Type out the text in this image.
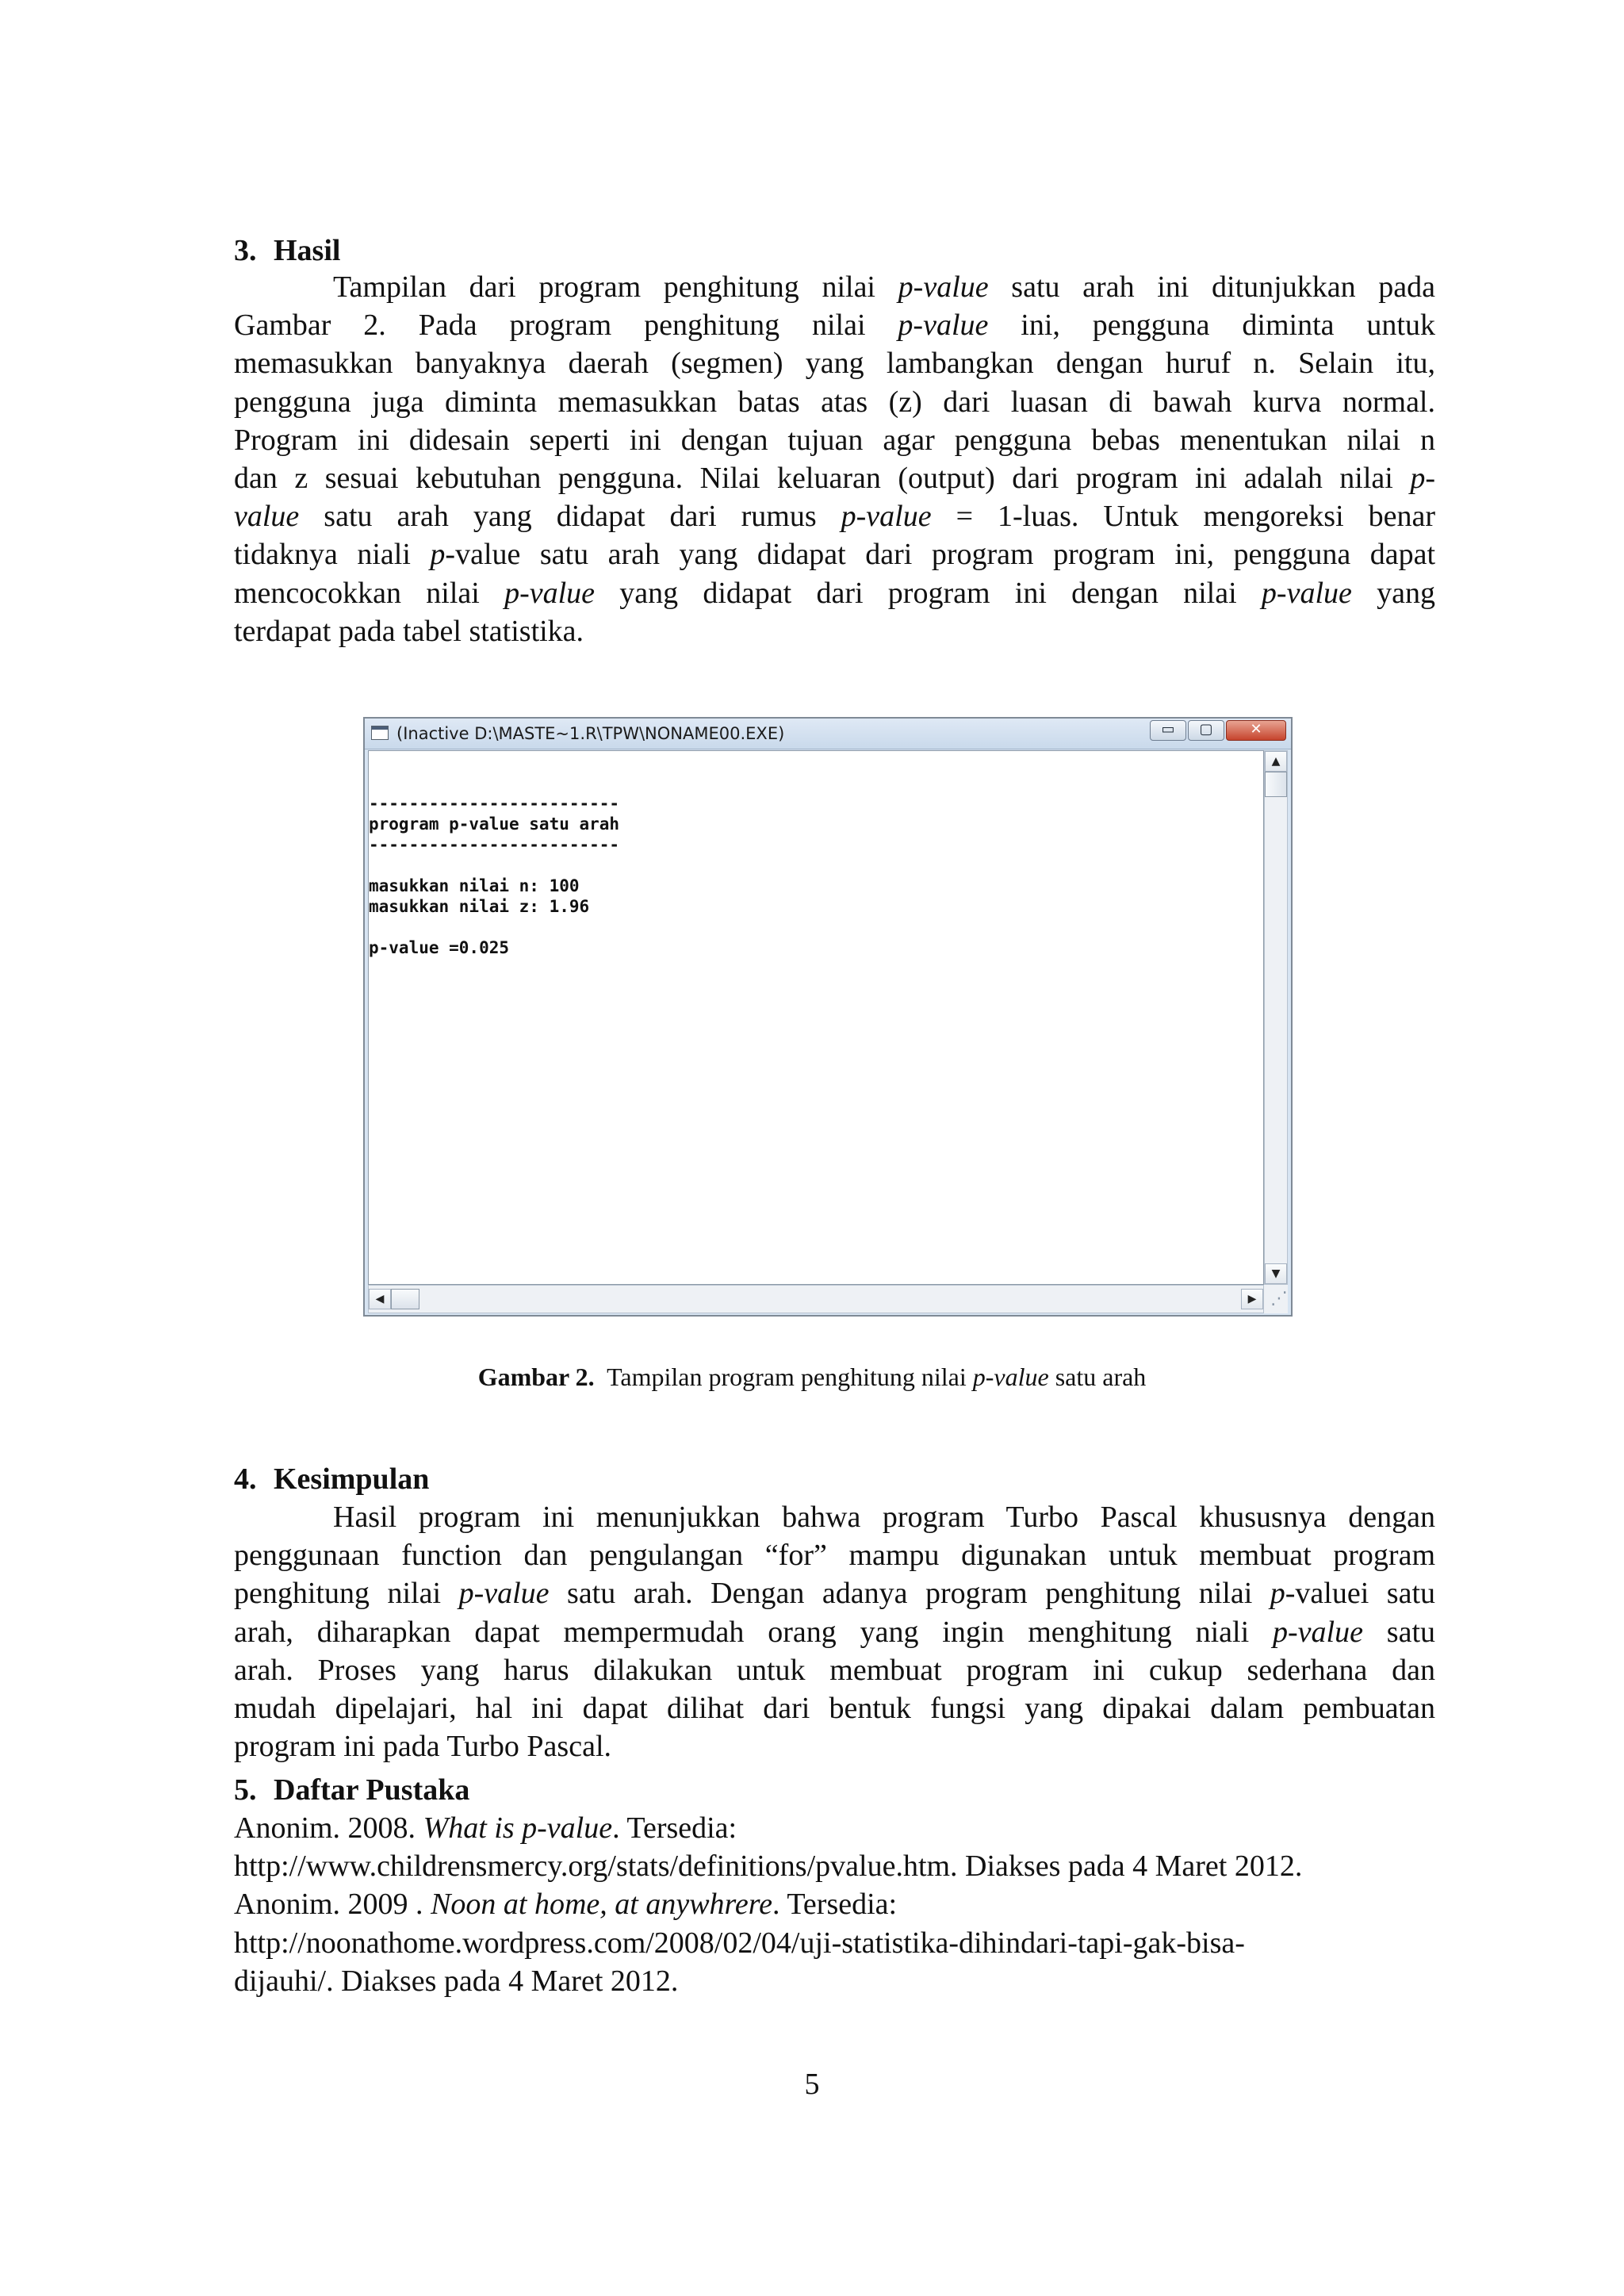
3. Hasil
Tampilan dari program penghitung nilai p-value satu arah ini ditunjukkan pada
Gambar 2. Pada program penghitung nilai p-value ini, pengguna diminta untuk
memasukkan banyaknya daerah (segmen) yang lambangkan dengan huruf n. Selain itu,
pengguna juga diminta memasukkan batas atas (z) dari luasan di bawah kurva normal.
Program ini didesain seperti ini dengan tujuan agar pengguna bebas menentukan nilai n
dan z sesuai kebutuhan pengguna. Nilai keluaran (output) dari program ini adalah nilai p-
value satu arah yang didapat dari rumus p-value = 1-luas. Untuk mengoreksi benar
tidaknya niali p-value satu arah yang didapat dari program program ini, pengguna dapat
mencocokkan nilai p-value yang didapat dari program ini dengan nilai p-value yang
terdapat pada tabel statistika.
(Inactive D:\MASTE~1.R\TPW\NONAME00.EXE)	▭	▢	✕
-------------------------
program p-value satu arah
-------------------------
masukkan nilai n: 100
masukkan nilai z: 1.96
p-value =0.025
▲
▼
◀	▶ ⋰
Gambar 2. Tampilan program penghitung nilai p-value satu arah
4. Kesimpulan
Hasil program ini menunjukkan bahwa program Turbo Pascal khususnya dengan
penggunaan function dan pengulangan “for” mampu digunakan untuk membuat program
penghitung nilai p-value satu arah. Dengan adanya program penghitung nilai p-valuei satu
arah, diharapkan dapat mempermudah orang yang ingin menghitung niali p-value satu
arah. Proses yang harus dilakukan untuk membuat program ini cukup sederhana dan
mudah dipelajari, hal ini dapat dilihat dari bentuk fungsi yang dipakai dalam pembuatan
program ini pada Turbo Pascal.
5. Daftar Pustaka
Anonim. 2008. What is p-value. Tersedia:
http://www.childrensmercy.org/stats/definitions/pvalue.htm. Diakses pada 4 Maret 2012.
Anonim. 2009 . Noon at home, at anywhrere. Tersedia:
http://noonathome.wordpress.com/2008/02/04/uji-statistika-dihindari-tapi-gak-bisa-
dijauhi/. Diakses pada 4 Maret 2012.
5
